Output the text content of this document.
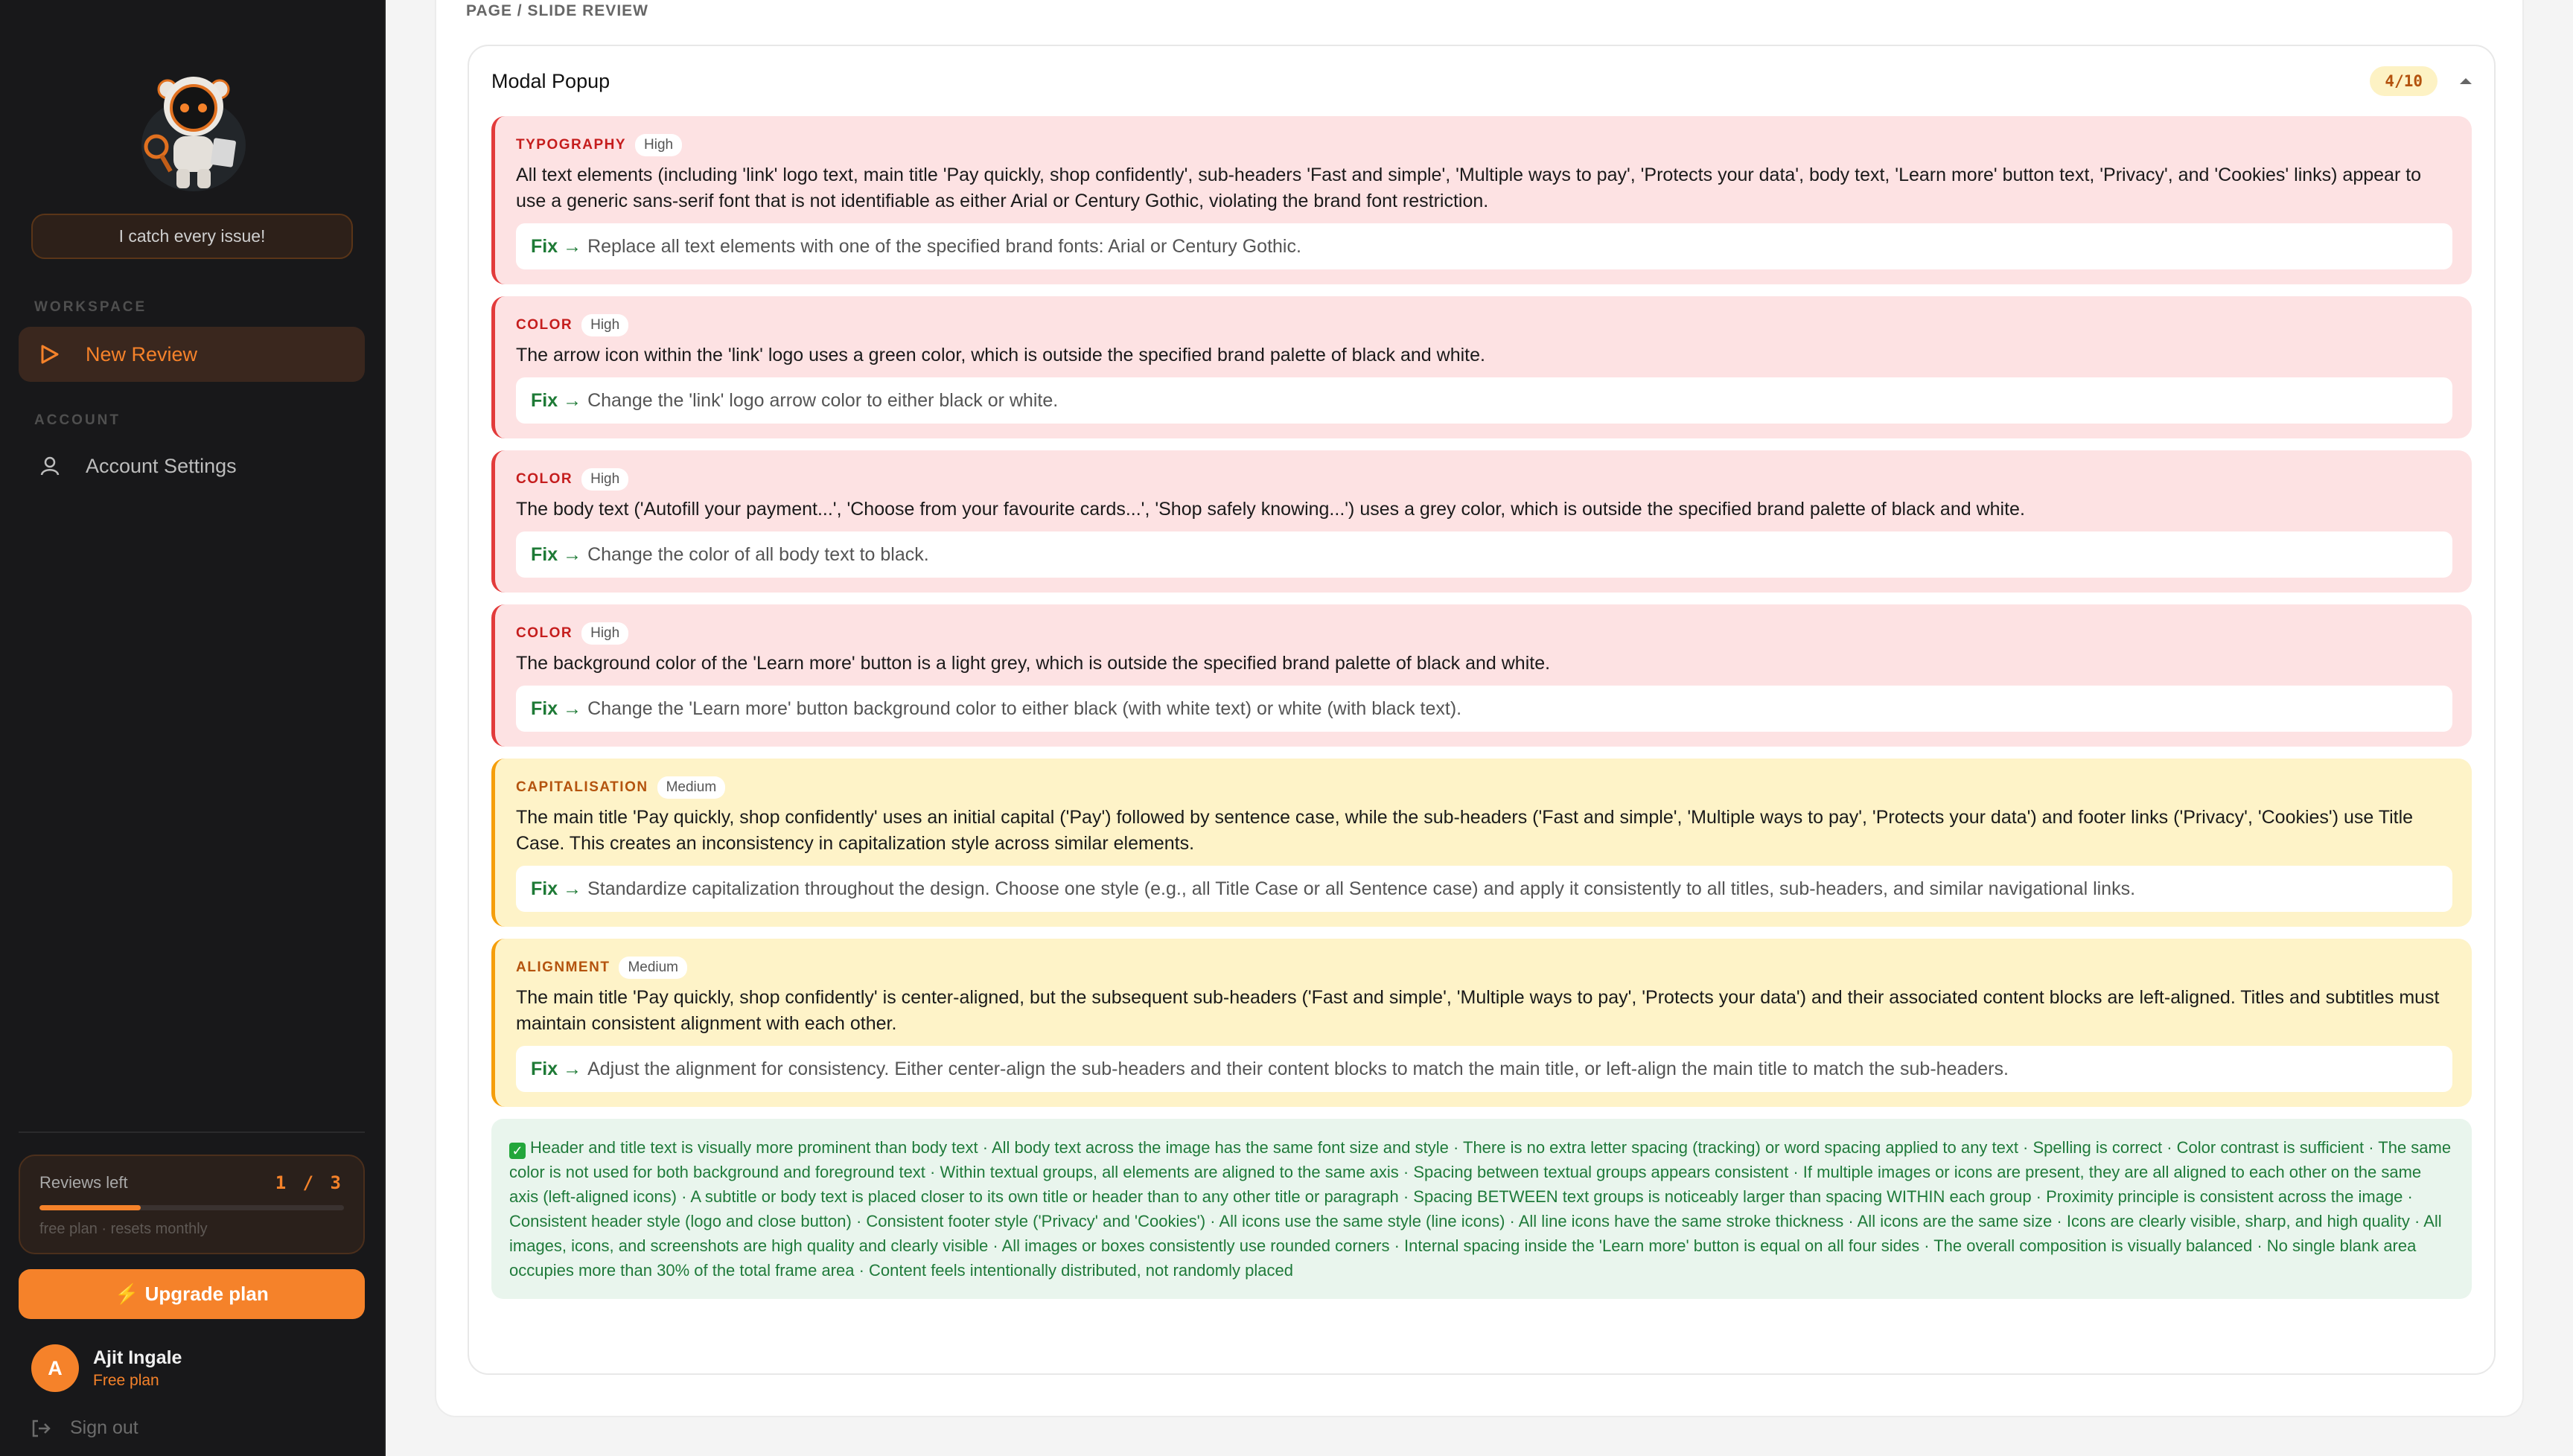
I catch every issue!
WORKSPACE
New Review
ACCOUNT
Account Settings
Reviews left	1 / 3
free plan · resets monthly
⚡ Upgrade plan
A	Ajit Ingale
Free plan
Sign out
PAGE / SLIDE REVIEW
Modal Popup	4/10
TYPOGRAPHY	High
All text elements (including 'link' logo text, main title 'Pay quickly, shop confidently', sub-headers 'Fast and simple', 'Multiple ways to pay', 'Protects your data', body text, 'Learn more' button text, 'Privacy', and 'Cookies' links) appear to use a generic sans-serif font that is not identifiable as either Arial or Century Gothic, violating the brand font restriction.
Fix → Replace all text elements with one of the specified brand fonts: Arial or Century Gothic.
COLOR	High
The arrow icon within the 'link' logo uses a green color, which is outside the specified brand palette of black and white.
Fix → Change the 'link' logo arrow color to either black or white.
COLOR	High
The body text ('Autofill your payment...', 'Choose from your favourite cards...', 'Shop safely knowing...') uses a grey color, which is outside the specified brand palette of black and white.
Fix → Change the color of all body text to black.
COLOR	High
The background color of the 'Learn more' button is a light grey, which is outside the specified brand palette of black and white.
Fix → Change the 'Learn more' button background color to either black (with white text) or white (with black text).
CAPITALISATION	Medium
The main title 'Pay quickly, shop confidently' uses an initial capital ('Pay') followed by sentence case, while the sub-headers ('Fast and simple', 'Multiple ways to pay', 'Protects your data') and footer links ('Privacy', 'Cookies') use Title Case. This creates an inconsistency in capitalization style across similar elements.
Fix → Standardize capitalization throughout the design. Choose one style (e.g., all Title Case or all Sentence case) and apply it consistently to all titles, sub-headers, and similar navigational links.
ALIGNMENT	Medium
The main title 'Pay quickly, shop confidently' is center-aligned, but the subsequent sub-headers ('Fast and simple', 'Multiple ways to pay', 'Protects your data') and their associated content blocks are left-aligned. Titles and subtitles must maintain consistent alignment with each other.
Fix → Adjust the alignment for consistency. Either center-align the sub-headers and their content blocks to match the main title, or left-align the main title to match the sub-headers.
✓ Header and title text is visually more prominent than body text · All body text across the image has the same font size and style · There is no extra letter spacing (tracking) or word spacing applied to any text · Spelling is correct · Color contrast is sufficient · The same color is not used for both background and foreground text · Within textual groups, all elements are aligned to the same axis · Spacing between textual groups appears consistent · If multiple images or icons are present, they are all aligned to each other on the same axis (left-aligned icons) · A subtitle or body text is placed closer to its own title or header than to any other title or paragraph · Spacing BETWEEN text groups is noticeably larger than spacing WITHIN each group · Proximity principle is consistent across the image · Consistent header style (logo and close button) · Consistent footer style ('Privacy' and 'Cookies') · All icons use the same style (line icons) · All line icons have the same stroke thickness · All icons are the same size · Icons are clearly visible, sharp, and high quality · All images, icons, and screenshots are high quality and clearly visible · All images or boxes consistently use rounded corners · Internal spacing inside the 'Learn more' button is equal on all four sides · The overall composition is visually balanced · No single blank area occupies more than 30% of the total frame area · Content feels intentionally distributed, not randomly placed
